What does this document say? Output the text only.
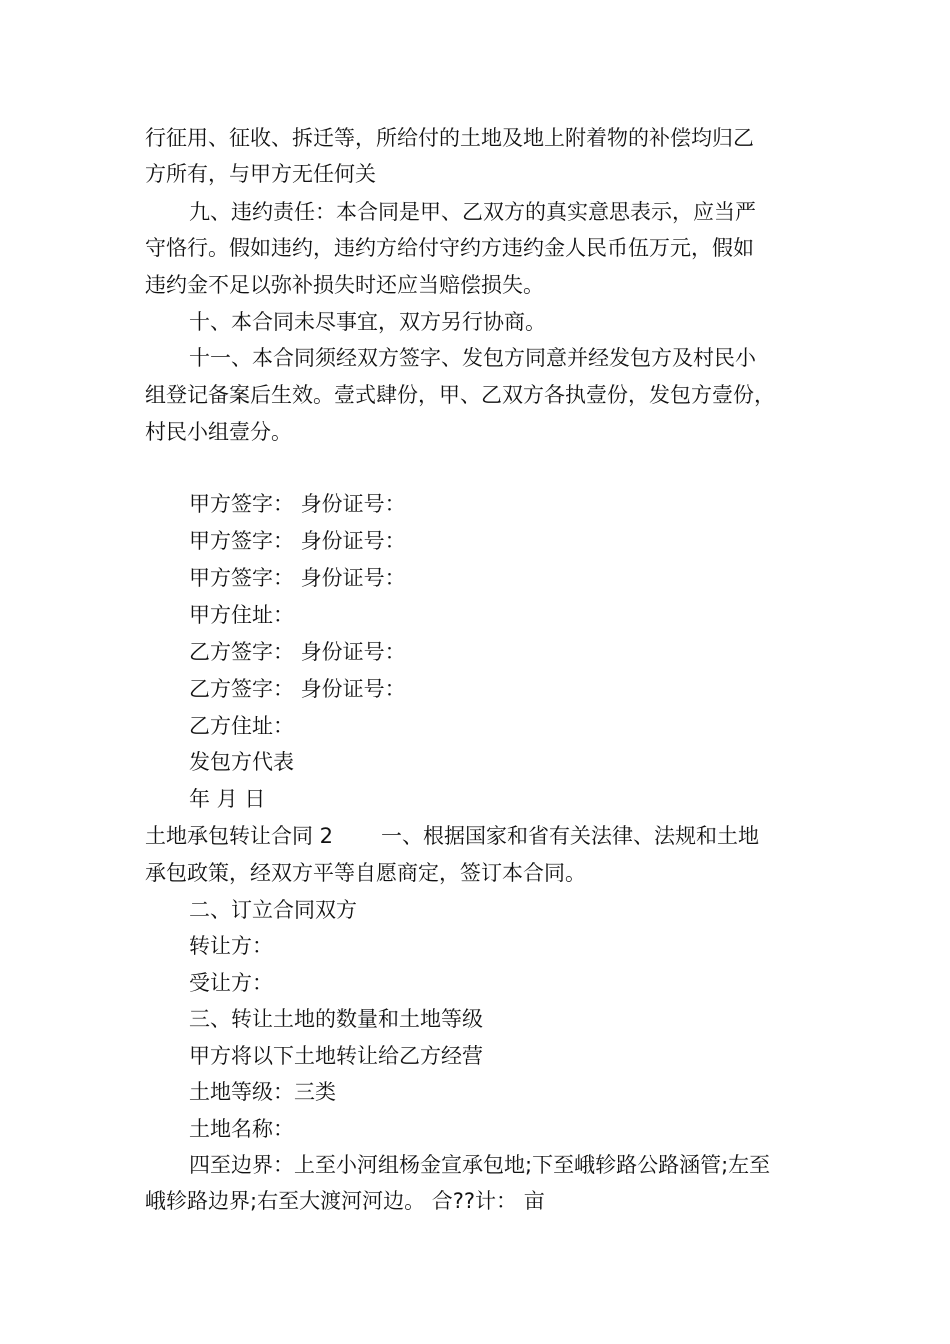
行征用、征收、拆迁等，所给付的土地及地上附着物的补偿均归乙
方所有，与甲方无任何关
九、违约责任：本合同是甲、乙双方的真实意思表示，应当严
守恪行。假如违约，违约方给付守约方违约金人民币伍万元，假如
违约金不足以弥补损失时还应当赔偿损失。
十、本合同未尽事宜，双方另行协商。
十一、本合同须经双方签字、发包方同意并经发包方及村民小
组登记备案后生效。壹式肆份，甲、乙双方各执壹份，发包方壹份，
村民小组壹分。
甲方签字： 身份证号：
甲方签字： 身份证号：
甲方签字： 身份证号：
甲方住址：
乙方签字： 身份证号：
乙方签字： 身份证号：
乙方住址：
发包方代表
年 月 日
土地承包转让合同 2 一、根据国家和省有关法律、法规和土地
承包政策，经双方平等自愿商定，签订本合同。
二、订立合同双方
转让方：
受让方：
三、转让土地的数量和土地等级
甲方将以下土地转让给乙方经营
土地等级：三类
土地名称：
四至边界：上至小河组杨金宣承包地;下至峨轸路公路涵管;左至
峨轸路边界;右至大渡河河边。 合??计： 亩
